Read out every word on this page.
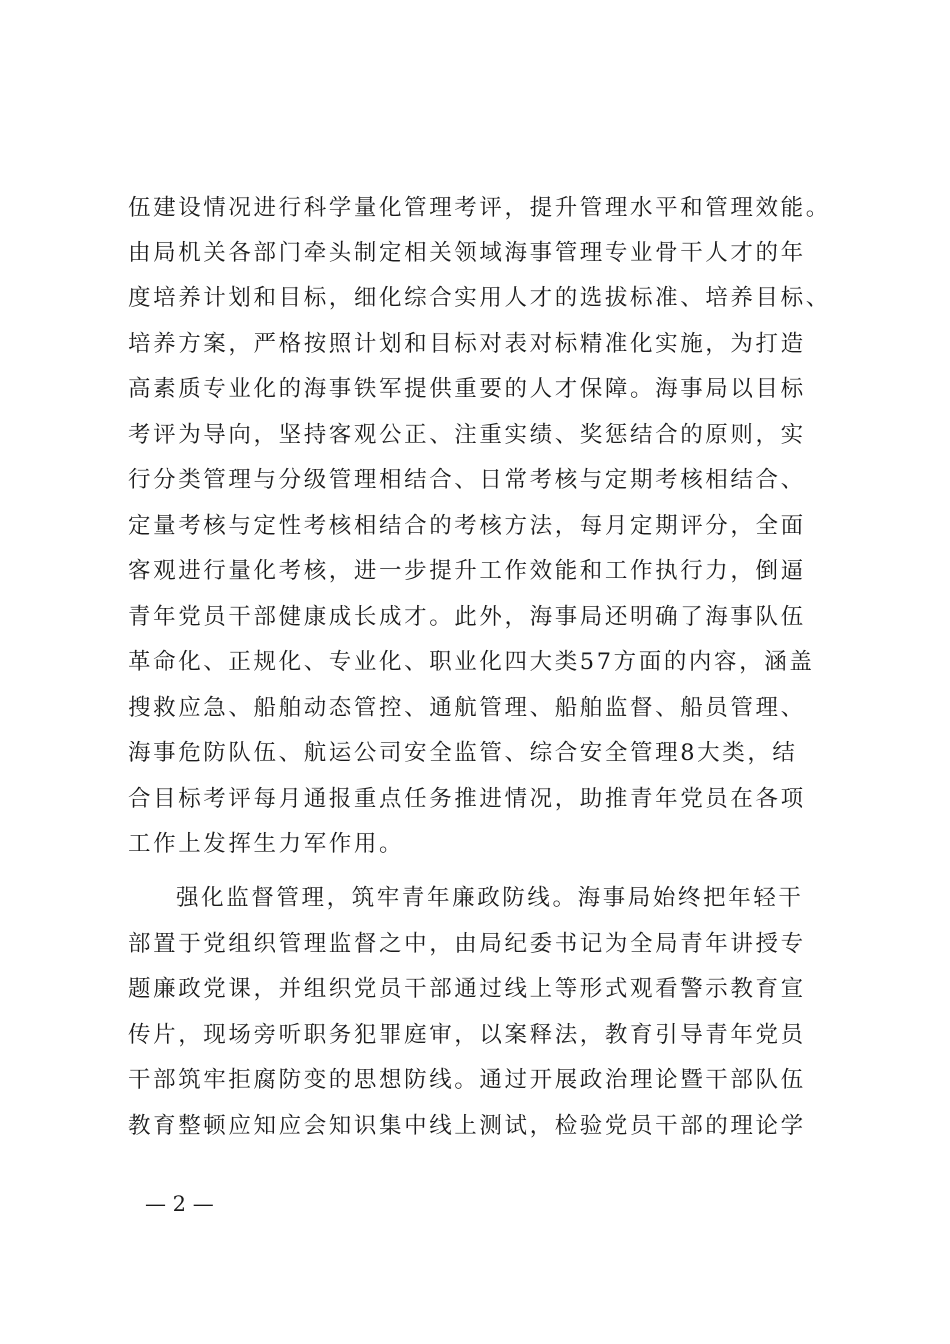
伍建设情况进行科学量化管理考评，提升管理水平和管理效能。
由局机关各部门牵头制定相关领域海事管理专业骨干人才的年
度培养计划和目标，细化综合实用人才的选拔标准、培养目标、
培养方案，严格按照计划和目标对表对标精准化实施，为打造
高素质专业化的海事铁军提供重要的人才保障。海事局以目标
考评为导向，坚持客观公正、注重实绩、奖惩结合的原则，实
行分类管理与分级管理相结合、日常考核与定期考核相结合、
定量考核与定性考核相结合的考核方法，每月定期评分，全面
客观进行量化考核，进一步提升工作效能和工作执行力，倒逼
青年党员干部健康成长成才。此外，海事局还明确了海事队伍
革命化、正规化、专业化、职业化四大类57方面的内容，涵盖
搜救应急、船舶动态管控、通航管理、船舶监督、船员管理、
海事危防队伍、航运公司安全监管、综合安全管理8大类，结
合目标考评每月通报重点任务推进情况，助推青年党员在各项
工作上发挥生力军作用。
强化监督管理，筑牢青年廉政防线。海事局始终把年轻干
部置于党组织管理监督之中，由局纪委书记为全局青年讲授专
题廉政党课，并组织党员干部通过线上等形式观看警示教育宣
传片，现场旁听职务犯罪庭审，以案释法，教育引导青年党员
干部筑牢拒腐防变的思想防线。通过开展政治理论暨干部队伍
教育整顿应知应会知识集中线上测试，检验党员干部的理论学
— 2 —
